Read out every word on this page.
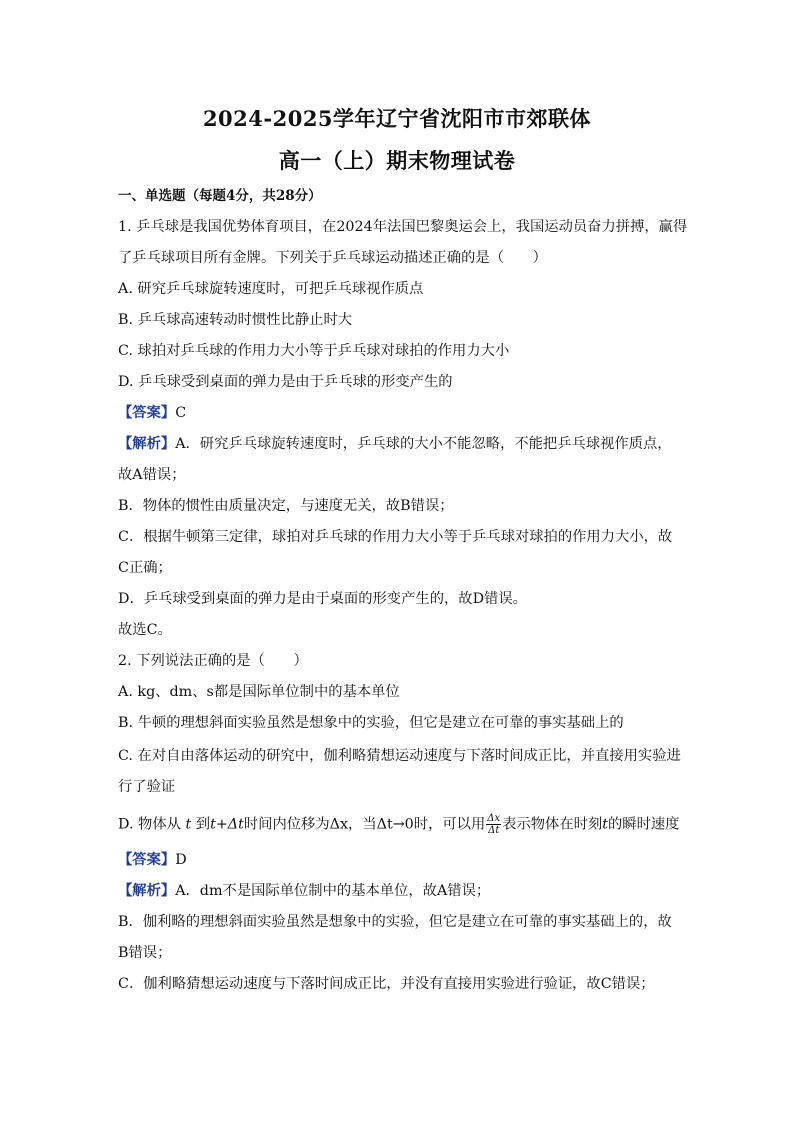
2024-2025学年辽宁省沈阳市市郊联体
高一（上）期末物理试卷
一、单选题（每题4分，共28分）
1. 乒乓球是我国优势体育项目，在2024年法国巴黎奥运会上，我国运动员奋力拼搏，赢得
了乒乓球项目所有金牌。下列关于乒乓球运动描述正确的是（　　）
A. 研究乒乓球旋转速度时，可把乒乓球视作质点
B. 乒乓球高速转动时惯性比静止时大
C. 球拍对乒乓球的作用力大小等于乒乓球对球拍的作用力大小
D. 乒乓球受到桌面的弹力是由于乒乓球的形变产生的
【答案】C
【解析】A．研究乒乓球旋转速度时，乒乓球的大小不能忽略，不能把乒乓球视作质点，
故A错误；
B．物体的惯性由质量决定，与速度无关，故B错误；
C．根据牛顿第三定律，球拍对乒乓球的作用力大小等于乒乓球对球拍的作用力大小，故
C正确；
D．乒乓球受到桌面的弹力是由于桌面的形变产生的，故D错误。
故选C。
2. 下列说法正确的是（　　）
A. kg、dm、s都是国际单位制中的基本单位
B. 牛顿的理想斜面实验虽然是想象中的实验，但它是建立在可靠的事实基础上的
C. 在对自由落体运动的研究中，伽利略猜想运动速度与下落时间成正比，并直接用实验进
行了验证
D. 物体从 t 到t+Δt时间内位移为Δx，当Δt→0时，可以用 $\frac{\Delta x}{\Delta t}$ 表示物体在时刻t的瞬时速度
【答案】D
【解析】A．dm不是国际单位制中的基本单位，故A错误；
B．伽利略的理想斜面实验虽然是想象中的实验，但它是建立在可靠的事实基础上的，故
B错误；
C．伽利略猜想运动速度与下落时间成正比，并没有直接用实验进行验证，故C错误；
